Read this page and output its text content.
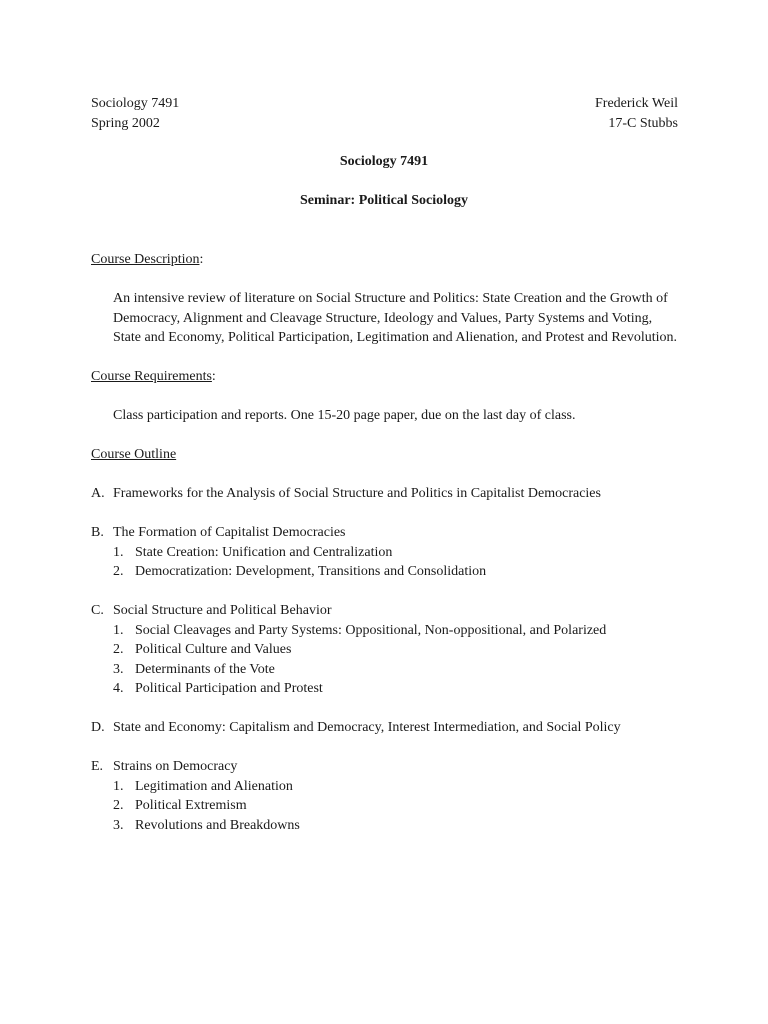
Sociology 7491	Frederick Weil
Spring 2002	17-C Stubbs
Sociology 7491
Seminar: Political Sociology

Course Description:

An intensive review of literature on Social Structure and Politics: State Creation and the Growth of Democracy, Alignment and Cleavage Structure, Ideology and Values, Party Systems and Voting, State and Economy, Political Participation, Legitimation and Alienation, and Protest and Revolution.

Course Requirements:

Class participation and reports. One 15-20 page paper, due on the last day of class.

Course Outline

A. Frameworks for the Analysis of Social Structure and Politics in Capitalist Democracies
B. The Formation of Capitalist Democracies
1. State Creation: Unification and Centralization
2. Democratization: Development, Transitions and Consolidation
C. Social Structure and Political Behavior
1. Social Cleavages and Party Systems: Oppositional, Non-oppositional, and Polarized
2. Political Culture and Values
3. Determinants of the Vote
4. Political Participation and Protest
D. State and Economy: Capitalism and Democracy, Interest Intermediation, and Social Policy
E. Strains on Democracy
1. Legitimation and Alienation
2. Political Extremism
3. Revolutions and Breakdowns
